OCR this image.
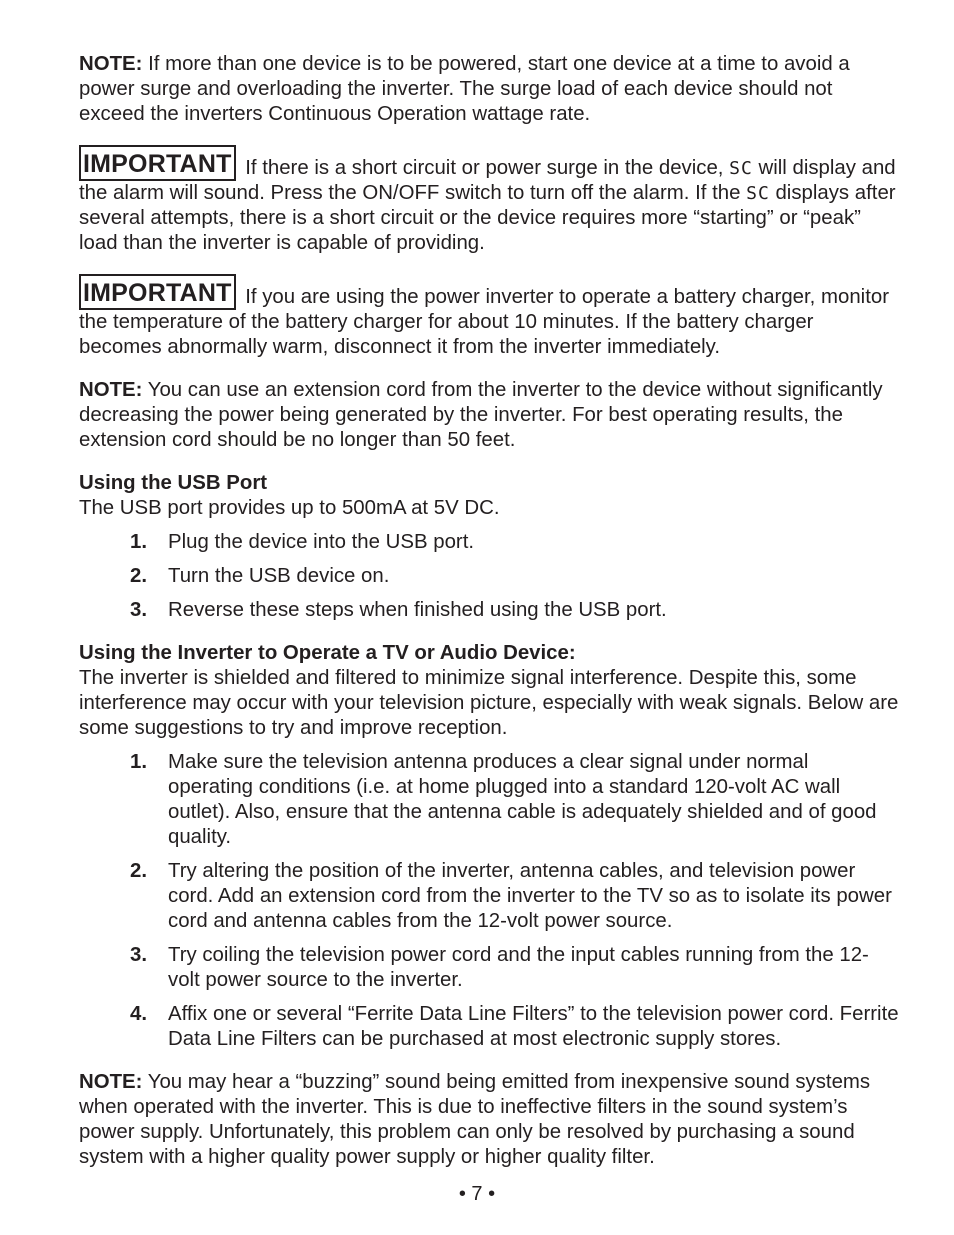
NOTE: If more than one device is to be powered, start one device at a time to avoid a power surge and overloading the inverter. The surge load of each device should not exceed the inverters Continuous Operation wattage rate.

IMPORTANT If there is a short circuit or power surge in the device, SC will display and the alarm will sound. Press the ON/OFF switch to turn off the alarm. If the SC displays after several attempts, there is a short circuit or the device requires more “starting” or “peak” load than the inverter is capable of providing.

IMPORTANT If you are using the power inverter to operate a battery charger, monitor the temperature of the battery charger for about 10 minutes. If the battery charger becomes abnormally warm, disconnect it from the inverter immediately.

NOTE: You can use an extension cord from the inverter to the device without significantly decreasing the power being generated by the inverter. For best operating results, the extension cord should be no longer than 50 feet.

Using the USB Port

The USB port provides up to 500mA at 5V DC.

1. Plug the device into the USB port.
2. Turn the USB device on.
3. Reverse these steps when finished using the USB port.

Using the Inverter to Operate a TV or Audio Device:

The inverter is shielded and filtered to minimize signal interference. Despite this, some interference may occur with your television picture, especially with weak signals. Below are some suggestions to try and improve reception.

1. Make sure the television antenna produces a clear signal under normal operating conditions (i.e. at home plugged into a standard 120-volt AC wall outlet). Also, ensure that the antenna cable is adequately shielded and of good quality.
2. Try altering the position of the inverter, antenna cables, and television power cord. Add an extension cord from the inverter to the TV so as to isolate its power cord and antenna cables from the 12-volt power source.
3. Try coiling the television power cord and the input cables running from the 12-volt power source to the inverter.
4. Affix one or several “Ferrite Data Line Filters” to the television power cord. Ferrite Data Line Filters can be purchased at most electronic supply stores.

NOTE: You may hear a “buzzing” sound being emitted from inexpensive sound systems when operated with the inverter. This is due to ineffective filters in the sound system’s power supply. Unfortunately, this problem can only be resolved by purchasing a sound system with a higher quality power supply or higher quality filter.

• 7 •
